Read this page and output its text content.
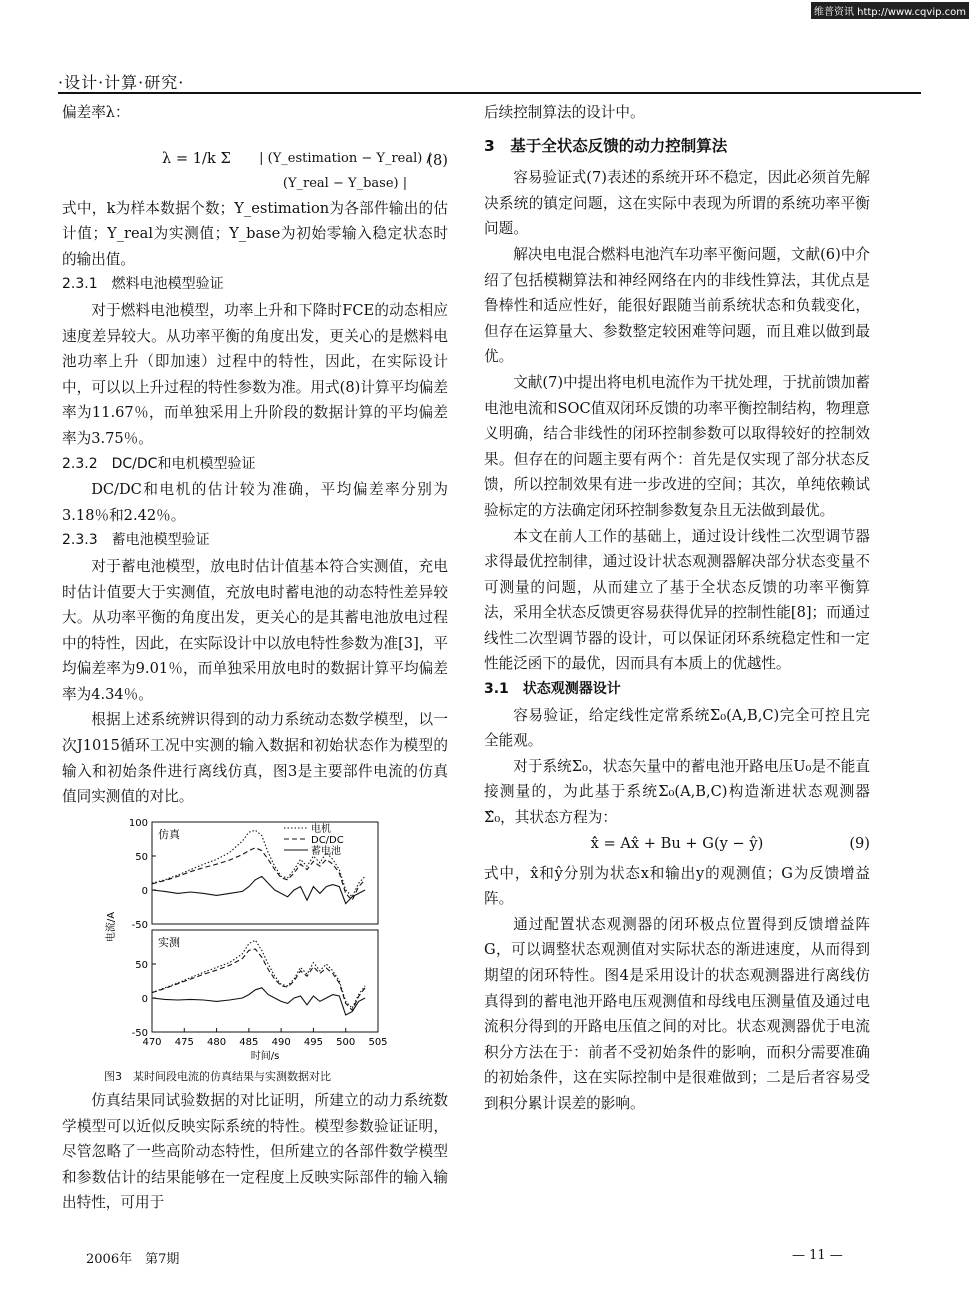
维普资讯 http://www.cqvip.com
·设计·计算·研究·

偏差率λ：

λ = 1/k Σ	| (Y_estimation − Y_real) / (Y_real − Y_base) |
(8)

式中，k为样本数据个数；Y_estimation为各部件输出的估计值；Y_real为实测值；Y_base为初始零输入稳定状态时的输出值。

2.3.1　燃料电池模型验证

对于燃料电池模型，功率上升和下降时FCE的动态相应速度差异较大。从功率平衡的角度出发，更关心的是燃料电池功率上升（即加速）过程中的特性，因此，在实际设计中，可以以上升过程的特性参数为准。用式(8)计算平均偏差率为11.67％，而单独采用上升阶段的数据计算的平均偏差率为3.75％。

2.3.2　DC/DC和电机模型验证

DC/DC和电机的估计较为准确，平均偏差率分别为3.18％和2.42％。

2.3.3　蓄电池模型验证

对于蓄电池模型，放电时估计值基本符合实测值，充电时估计值要大于实测值，充放电时蓄电池的动态特性差异较大。从功率平衡的角度出发，更关心的是其蓄电池放电过程中的特性，因此，在实际设计中以放电特性参数为准[3]，平均偏差率为9.01％，而单独采用放电时的数据计算平均偏差率为4.34％。

根据上述系统辨识得到的动力系统动态数学模型，以一次J1015循环工况中实测的输入数据和初始状态作为模型的输入和初始条件进行离线仿真，图3是主要部件电流的仿真值同实测值的对比。

仿真
100
50
0
实测
50
0
-50
-50
电机
DC/DC
蓄电池
470 475 480 485 490 495 500 505
时间/s
电流/A
图3　某时间段电流的仿真结果与实测数据对比

仿真结果同试验数据的对比证明，所建立的动力系统数学模型可以近似反映实际系统的特性。模型参数验证证明，尽管忽略了一些高阶动态特性，但所建立的各部件数学模型和参数估计的结果能够在一定程度上反映实际部件的输入输出特性，可用于

后续控制算法的设计中。

3　基于全状态反馈的动力控制算法

容易验证式(7)表述的系统开环不稳定，因此必须首先解决系统的镇定问题，这在实际中表现为所谓的系统功率平衡问题。

解决电电混合燃料电池汽车功率平衡问题，文献(6)中介绍了包括模糊算法和神经网络在内的非线性算法，其优点是鲁棒性和适应性好，能很好跟随当前系统状态和负载变化，但存在运算量大、参数整定较困难等问题，而且难以做到最优。

文献(7)中提出将电机电流作为干扰处理，于扰前馈加蓄电池电流和SOC值双闭环反馈的功率平衡控制结构，物理意义明确，结合非线性的闭环控制参数可以取得较好的控制效果。但存在的问题主要有两个：首先是仅实现了部分状态反馈，所以控制效果有进一步改进的空间；其次，单纯依赖试验标定的方法确定闭环控制参数复杂且无法做到最优。

本文在前人工作的基础上，通过设计线性二次型调节器求得最优控制律，通过设计状态观测器解决部分状态变量不可测量的问题，从而建立了基于全状态反馈的功率平衡算法，采用全状态反馈更容易获得优异的控制性能[8]；而通过线性二次型调节器的设计，可以保证闭环系统稳定性和一定性能泛函下的最优，因而具有本质上的优越性。

3.1　状态观测器设计

容易验证，给定线性定常系统Σ₀(A,B,C)完全可控且完全能观。

对于系统Σ₀，状态矢量中的蓄电池开路电压U₀是不能直接测量的，为此基于系统Σ₀(A,B,C)构造渐进状态观测器Σ̂₀，其状态方程为：

x̂̇ = Ax̂ + Bu + G(y − ŷ)	(9)

式中，x̂和ŷ分别为状态x和输出y的观测值；G为反馈增益阵。

通过配置状态观测器的闭环极点位置得到反馈增益阵G，可以调整状态观测值对实际状态的渐进速度，从而得到期望的闭环特性。图4是采用设计的状态观测器进行离线仿真得到的蓄电池开路电压观测值和母线电压测量值及通过电流积分得到的开路电压值之间的对比。状态观测器优于电流积分方法在于：前者不受初始条件的影响，而积分需要准确的初始条件，这在实际控制中是很难做到；二是后者容易受到积分累计误差的影响。

2006年　第7期	— 11 —
